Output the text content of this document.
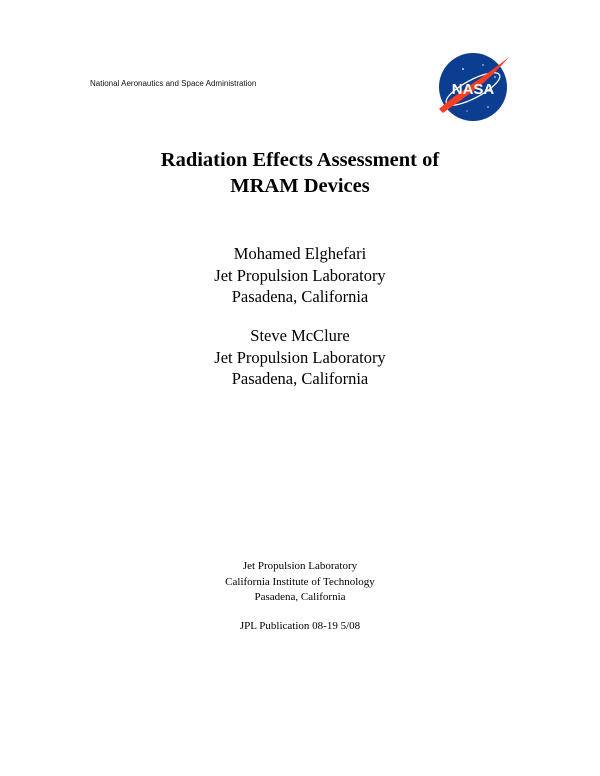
National Aeronautics and Space Administration	NASA
Radiation Effects Assessment of
MRAM Devices
Mohamed Elghefari
Jet Propulsion Laboratory
Pasadena, California
Steve McClure
Jet Propulsion Laboratory
Pasadena, California
Jet Propulsion Laboratory
California Institute of Technology
Pasadena, California
JPL Publication 08-19 5/08
